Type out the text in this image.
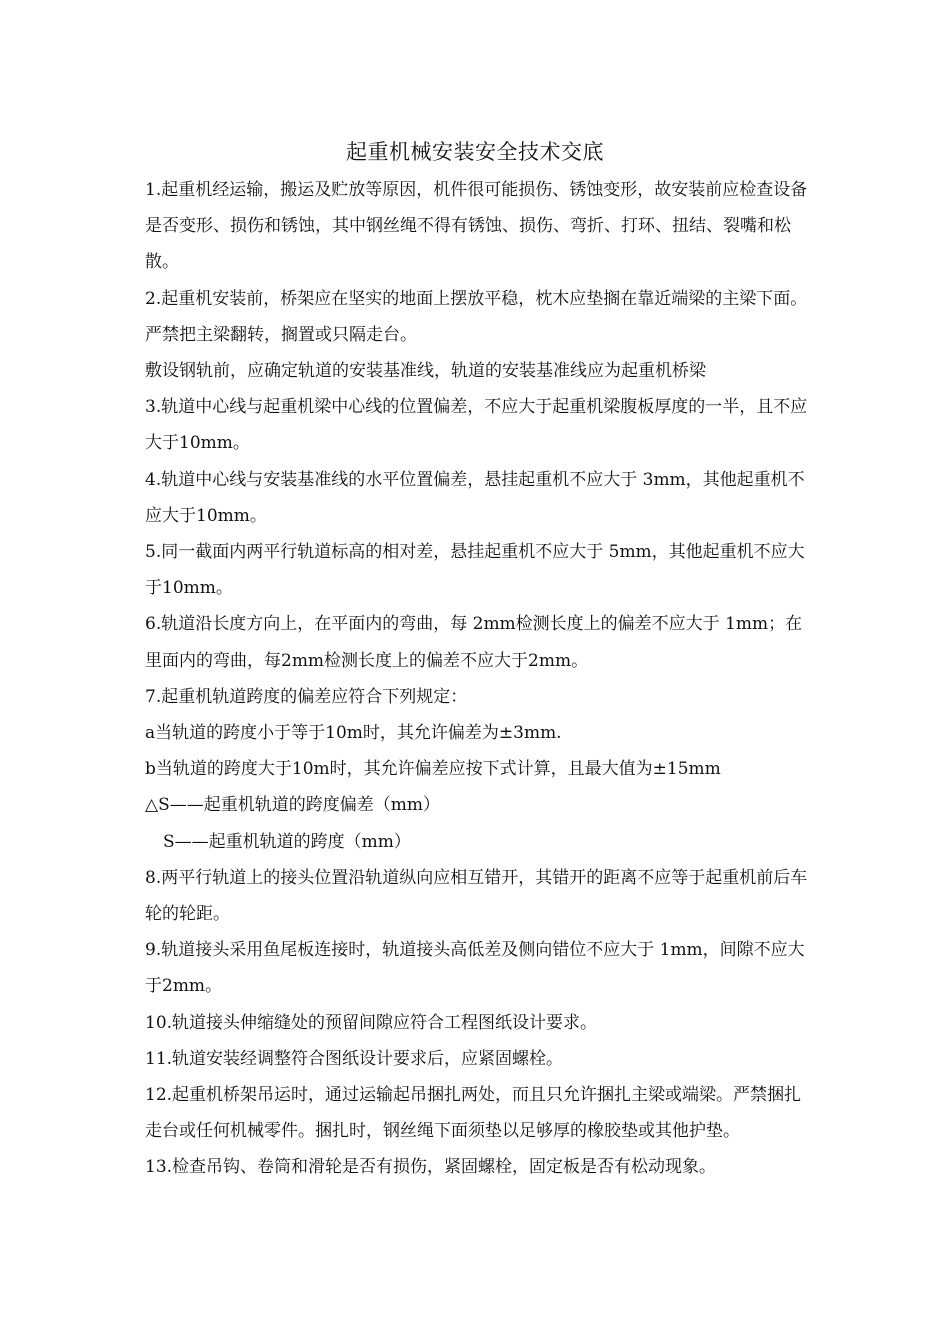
起重机械安装安全技术交底

1.起重机经运输，搬运及贮放等原因，机件很可能损伤、锈蚀变形，故安装前应检查设备是否变形、损伤和锈蚀，其中钢丝绳不得有锈蚀、损伤、弯折、打环、扭结、裂嘴和松散。

2.起重机安装前，桥架应在坚实的地面上摆放平稳，枕木应垫搁在靠近端梁的主梁下面。严禁把主梁翻转，搁置或只隔走台。

敷设钢轨前，应确定轨道的安装基准线，轨道的安装基准线应为起重机桥梁

3.轨道中心线与起重机梁中心线的位置偏差，不应大于起重机梁腹板厚度的一半，且不应大于10mm。

4.轨道中心线与安装基准线的水平位置偏差，悬挂起重机不应大于 3mm，其他起重机不应大于10mm。

5.同一截面内两平行轨道标高的相对差，悬挂起重机不应大于 5mm，其他起重机不应大于10mm。

6.轨道沿长度方向上，在平面内的弯曲，每 2mm检测长度上的偏差不应大于 1mm；在里面内的弯曲，每2mm检测长度上的偏差不应大于2mm。

7.起重机轨道跨度的偏差应符合下列规定：

a当轨道的跨度小于等于10m时，其允许偏差为±3mm.

b当轨道的跨度大于10m时，其允许偏差应按下式计算，且最大值为±15mm

△S——起重机轨道的跨度偏差（mm）

S——起重机轨道的跨度（mm）

8.两平行轨道上的接头位置沿轨道纵向应相互错开，其错开的距离不应等于起重机前后车轮的轮距。

9.轨道接头采用鱼尾板连接时，轨道接头高低差及侧向错位不应大于 1mm，间隙不应大于2mm。

10.轨道接头伸缩缝处的预留间隙应符合工程图纸设计要求。

11.轨道安装经调整符合图纸设计要求后，应紧固螺栓。

12.起重机桥架吊运时，通过运输起吊捆扎两处，而且只允许捆扎主梁或端梁。严禁捆扎走台或任何机械零件。捆扎时，钢丝绳下面须垫以足够厚的橡胶垫或其他护垫。

13.检查吊钩、卷筒和滑轮是否有损伤，紧固螺栓，固定板是否有松动现象。
